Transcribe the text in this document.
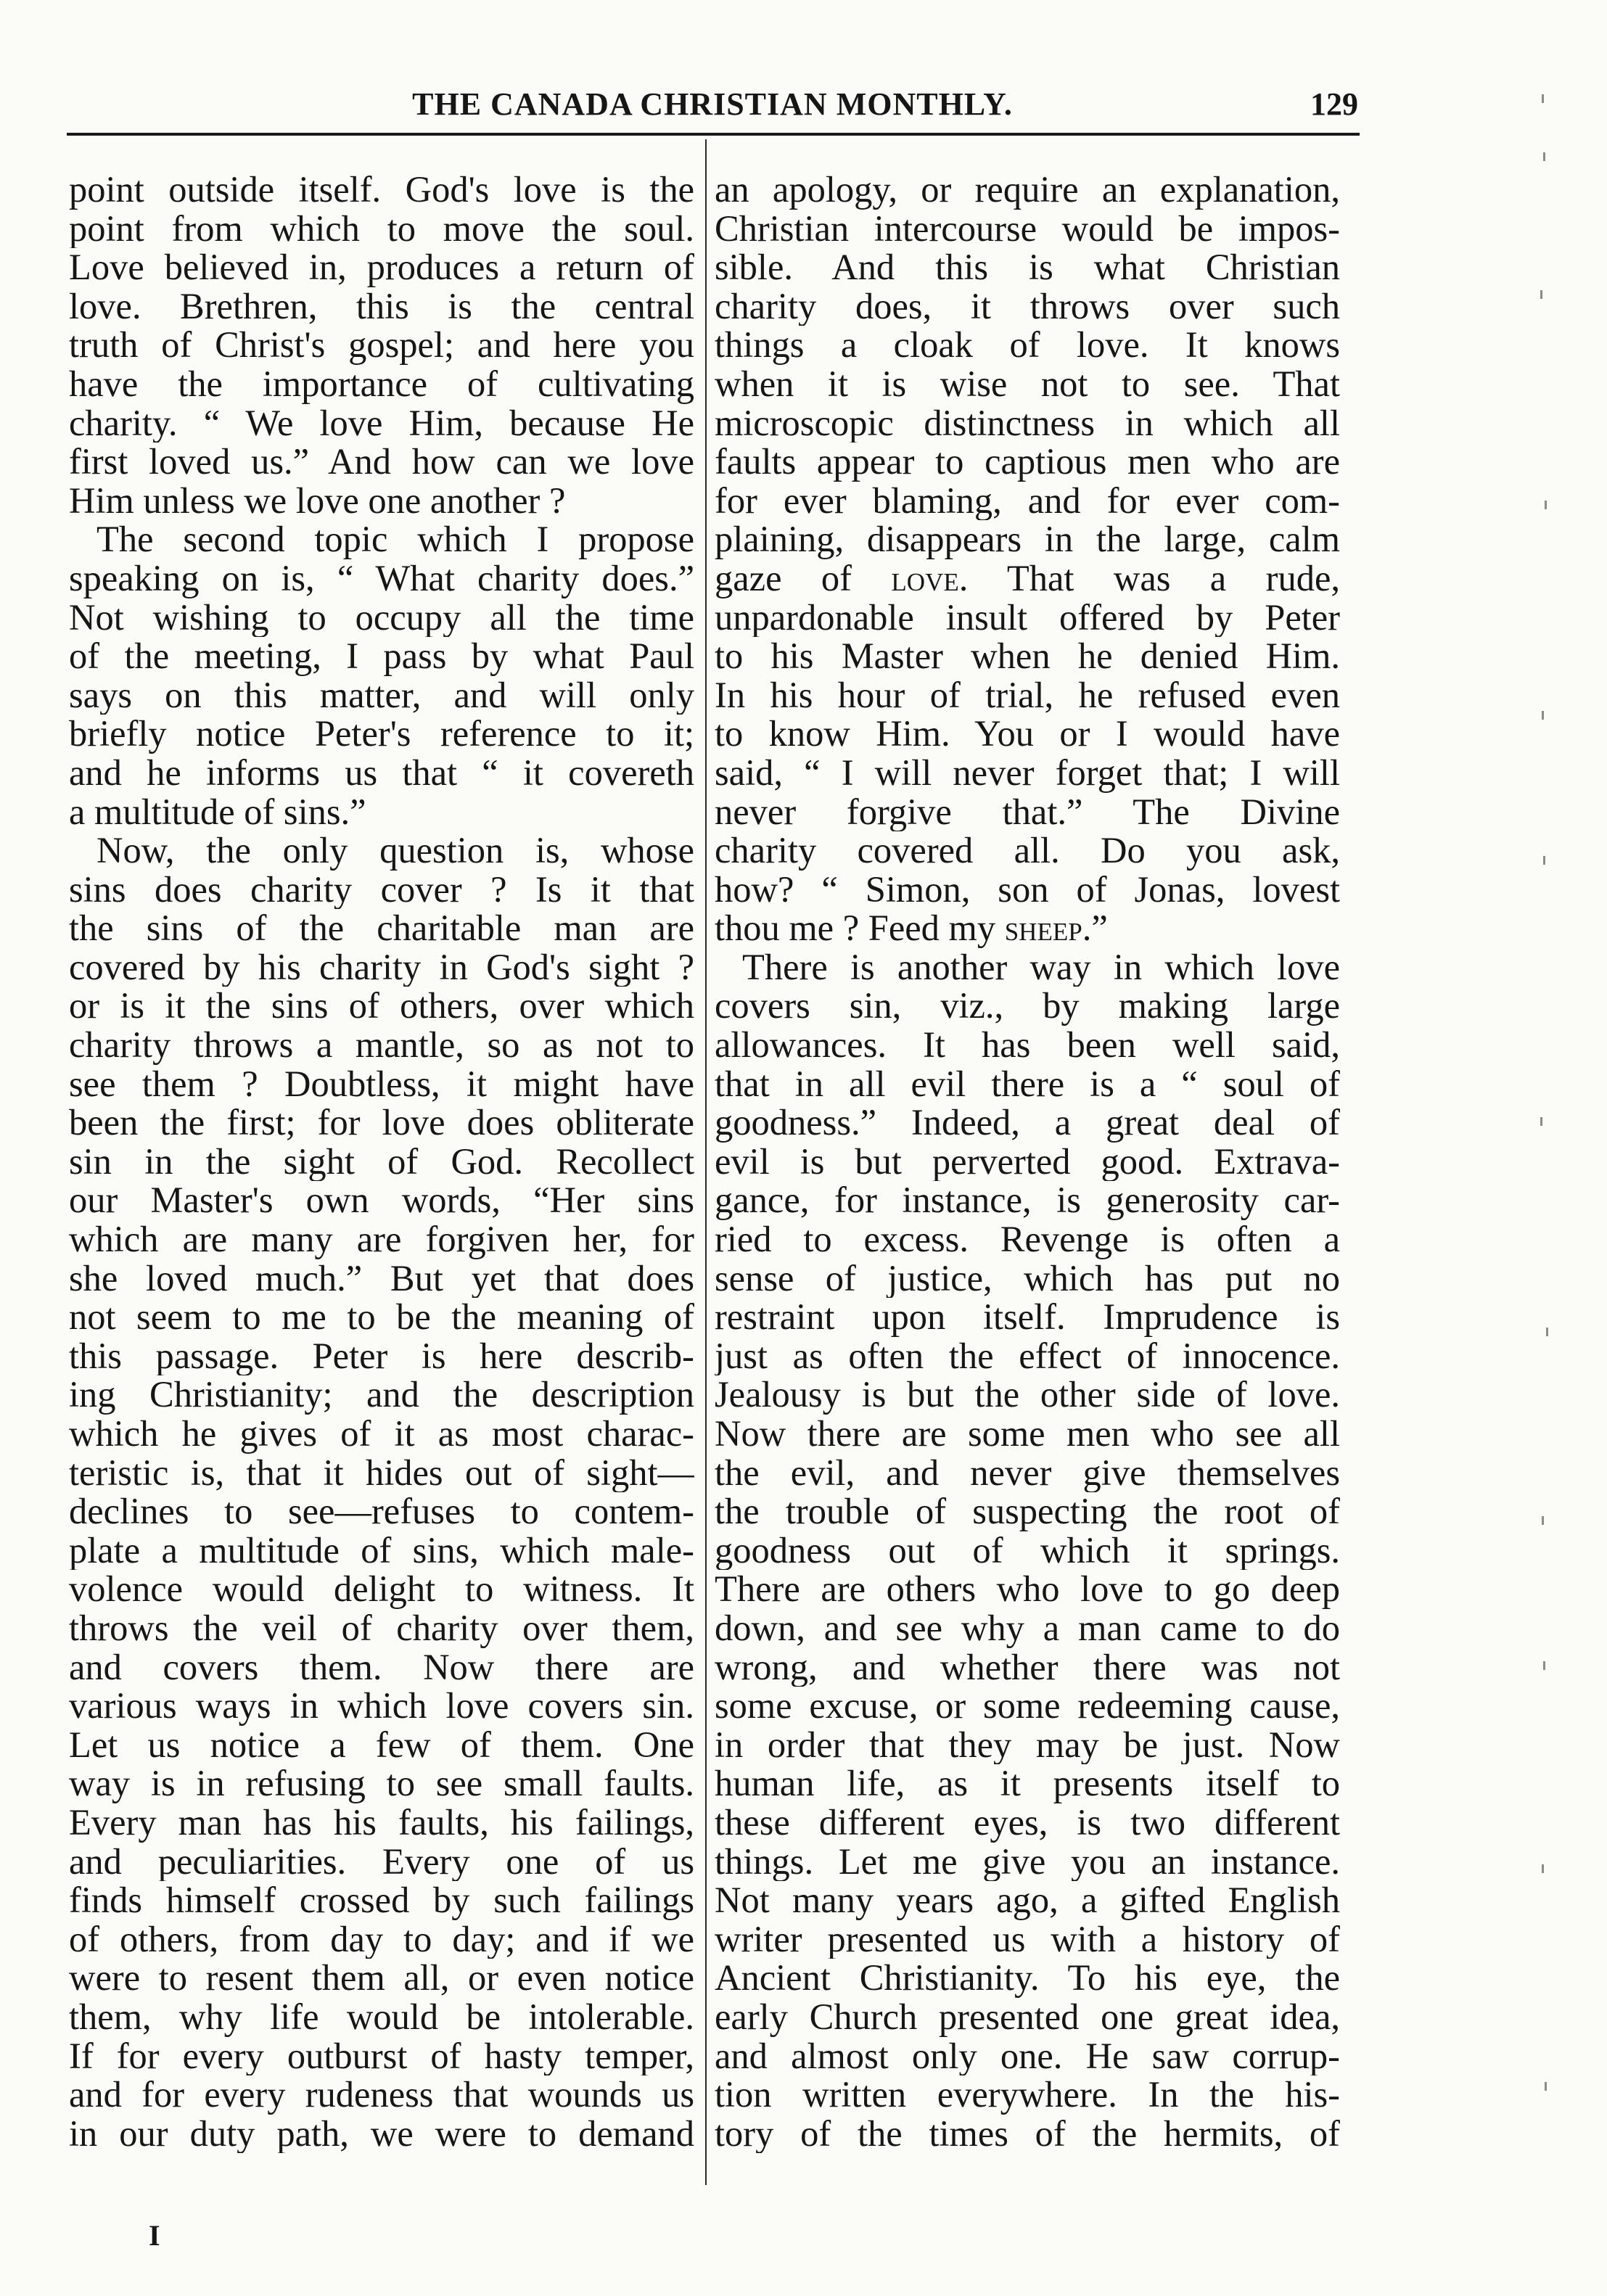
THE CANADA CHRISTIAN MONTHLY.	129
point outside itself. God's love is the
point from which to move the soul.
Love believed in, produces a return of
love. Brethren, this is the central
truth of Christ's gospel; and here you
have the importance of cultivating
charity. “ We love Him, because He
first loved us.” And how can we love
Him unless we love one another ?
The second topic which I propose
speaking on is, “ What charity does.”
Not wishing to occupy all the time
of the meeting, I pass by what Paul
says on this matter, and will only
briefly notice Peter's reference to it;
and he informs us that “ it covereth
a multitude of sins.”
Now, the only question is, whose
sins does charity cover ? Is it that
the sins of the charitable man are
covered by his charity in God's sight ?
or is it the sins of others, over which
charity throws a mantle, so as not to
see them ? Doubtless, it might have
been the first; for love does obliterate
sin in the sight of God. Recollect
our Master's own words, “Her sins
which are many are forgiven her, for
she loved much.” But yet that does
not seem to me to be the meaning of
this passage. Peter is here describ-
ing Christianity; and the description
which he gives of it as most charac-
teristic is, that it hides out of sight—
declines to see—refuses to contem-
plate a multitude of sins, which male-
volence would delight to witness. It
throws the veil of charity over them,
and covers them. Now there are
various ways in which love covers sin.
Let us notice a few of them. One
way is in refusing to see small faults.
Every man has his faults, his failings,
and peculiarities. Every one of us
finds himself crossed by such failings
of others, from day to day; and if we
were to resent them all, or even notice
them, why life would be intolerable.
If for every outburst of hasty temper,
and for every rudeness that wounds us
in our duty path, we were to demand
an apology, or require an explanation,
Christian intercourse would be impos-
sible. And this is what Christian
charity does, it throws over such
things a cloak of love. It knows
when it is wise not to see. That
microscopic distinctness in which all
faults appear to captious men who are
for ever blaming, and for ever com-
plaining, disappears in the large, calm
gaze of love. That was a rude,
unpardonable insult offered by Peter
to his Master when he denied Him.
In his hour of trial, he refused even
to know Him. You or I would have
said, “ I will never forget that; I will
never forgive that.” The Divine
charity covered all. Do you ask,
how? “ Simon, son of Jonas, lovest
thou me ? Feed my sheep.”
There is another way in which love
covers sin, viz., by making large
allowances. It has been well said,
that in all evil there is a “ soul of
goodness.” Indeed, a great deal of
evil is but perverted good. Extrava-
gance, for instance, is generosity car-
ried to excess. Revenge is often a
sense of justice, which has put no
restraint upon itself. Imprudence is
just as often the effect of innocence.
Jealousy is but the other side of love.
Now there are some men who see all
the evil, and never give themselves
the trouble of suspecting the root of
goodness out of which it springs.
There are others who love to go deep
down, and see why a man came to do
wrong, and whether there was not
some excuse, or some redeeming cause,
in order that they may be just. Now
human life, as it presents itself to
these different eyes, is two different
things. Let me give you an instance.
Not many years ago, a gifted English
writer presented us with a history of
Ancient Christianity. To his eye, the
early Church presented one great idea,
and almost only one. He saw corrup-
tion written everywhere. In the his-
tory of the times of the hermits, of
I
